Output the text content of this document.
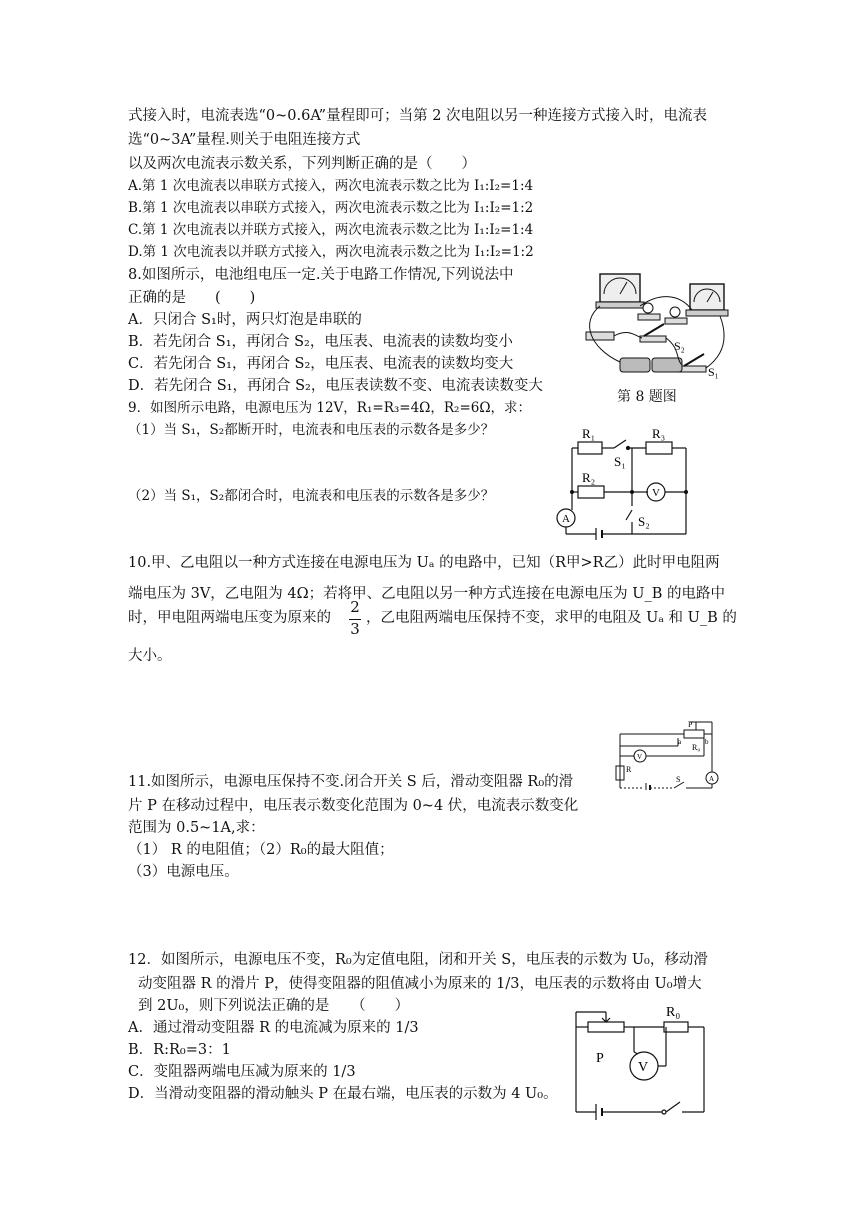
式接入时，电流表选“0~0.6A”量程即可；当第 2 次电阻以另一种连接方式接入时，电流表
选“0~3A”量程.则关于电阻连接方式
以及两次电流表示数关系，下列判断正确的是（　　）
A.第 1 次电流表以串联方式接入，两次电流表示数之比为 I₁:I₂=1:4
B.第 1 次电流表以串联方式接入，两次电流表示数之比为 I₁:I₂=1:2
C.第 1 次电流表以并联方式接入，两次电流表示数之比为 I₁:I₂=1:4
D.第 1 次电流表以并联方式接入，两次电流表示数之比为 I₁:I₂=1:2
8.如图所示，电池组电压一定.关于电路工作情况,下列说法中
正确的是　　(　　)
A．只闭合 S₁时，两只灯泡是串联的
B．若先闭合 S₁，再闭合 S₂，电压表、电流表的读数均变小
C．若先闭合 S₁，再闭合 S₂，电压表、电流表的读数均变大
D．若先闭合 S₁，再闭合 S₂，电压表读数不变、电流表读数变大
S₂
S₁
第 8 题图
9．如图所示电路，电源电压为 12V，R₁=R₃=4Ω，R₂=6Ω，求：
（1）当 S₁，S₂都断开时，电流表和电压表的示数各是多少？
（2）当 S₁，S₂都闭合时，电流表和电压表的示数各是多少？
R₁	R₃
S₁
R₂
V
A	S₂
10.甲、乙电阻以一种方式连接在电源电压为 Uₐ 的电路中，已知（R甲>R乙）此时甲电阻两
端电压为 3V，乙电阻为 4Ω；若将甲、乙电阻以另一种方式连接在电源电压为 U_B 的电路中
时，甲电阻两端电压变为原来的
2
3
，乙电阻两端电压保持不变，求甲的电阻及 Uₐ 和 U_B 的
大小。
P
a	b
R₀
V
R
A
S
11.如图所示，电源电压保持不变.闭合开关 S 后，滑动变阻器 R₀的滑
片 P 在移动过程中，电压表示数变化范围为 0~4 伏，电流表示数变化
范围为 0.5~1A,求：
（1） R 的电阻值；（2）R₀的最大阻值；
（3）电源电压。
12．如图所示，电源电压不变，R₀为定值电阻，闭和开关 S，电压表的示数为 U₀，移动滑
动变阻器 R 的滑片 P，使得变阻器的阻值减小为原来的 1/3，电压表的示数将由 U₀增大
到 2U₀，则下列说法正确的是　　（　　）
A．通过滑动变阻器 R 的电流减为原来的 1/3
B．R:R₀=3：1
C．变阻器两端电压减为原来的 1/3
D．当滑动变阻器的滑动触头 P 在最右端，电压表的示数为 4 U₀。
R₀
P
V
